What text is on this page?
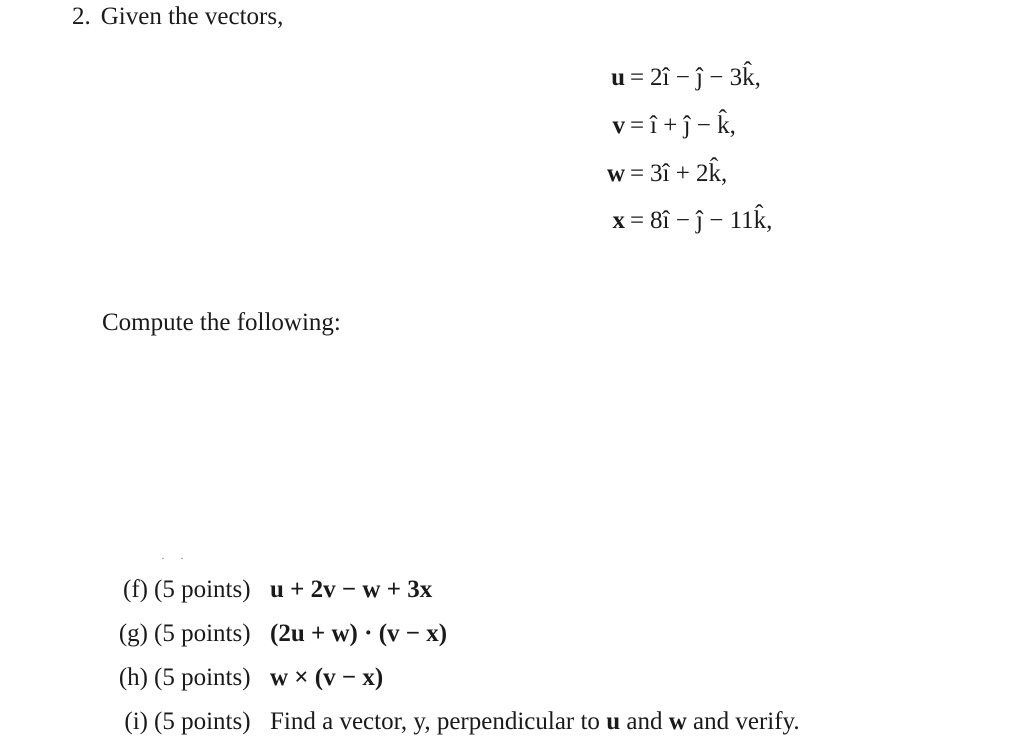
2. Given the vectors,
u = 2î − ĵ − 3k̂,
v = î + ĵ − k̂,
w = 3î + 2k̂,
x = 8î − ĵ − 11k̂,
Compute the following:
· ·
(f) (5 points) u + 2v − w + 3x
(g) (5 points) (2u + w) · (v − x)
(h) (5 points) w × (v − x)
(i) (5 points) Find a vector, y, perpendicular to u and w and verify.
